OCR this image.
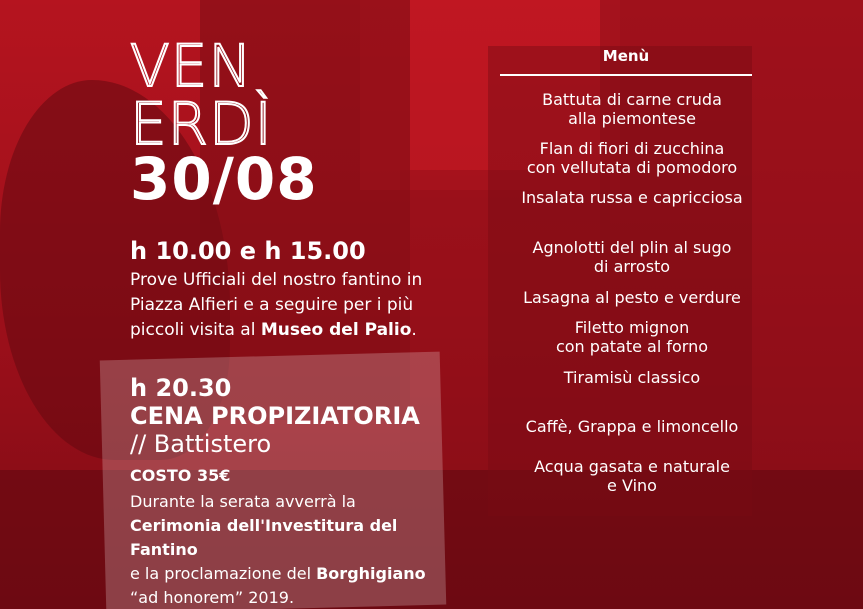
VEN

ERDÌ

30/08

h 10.00 e h 15.00

Prove Ufficiali del nostro fantino in Piazza Alfieri e a seguire per i più piccoli visita al Museo del Palio.

h 20.30

CENA PROPIZIATORIA

// Battistero

COSTO 35€

Durante la serata avverrà la
Cerimonia dell'Investitura del Fantino
e la proclamazione del Borghigiano
“ad honorem” 2019.

Menù

Battuta di carne cruda
alla piemontese

Flan di fiori di zucchina
con vellutata di pomodoro

Insalata russa e capricciosa

Agnolotti del plin al sugo
di arrosto

Lasagna al pesto e verdure

Filetto mignon
con patate al forno

Tiramisù classico

Caffè, Grappa e limoncello

Acqua gasata e naturale
e Vino
